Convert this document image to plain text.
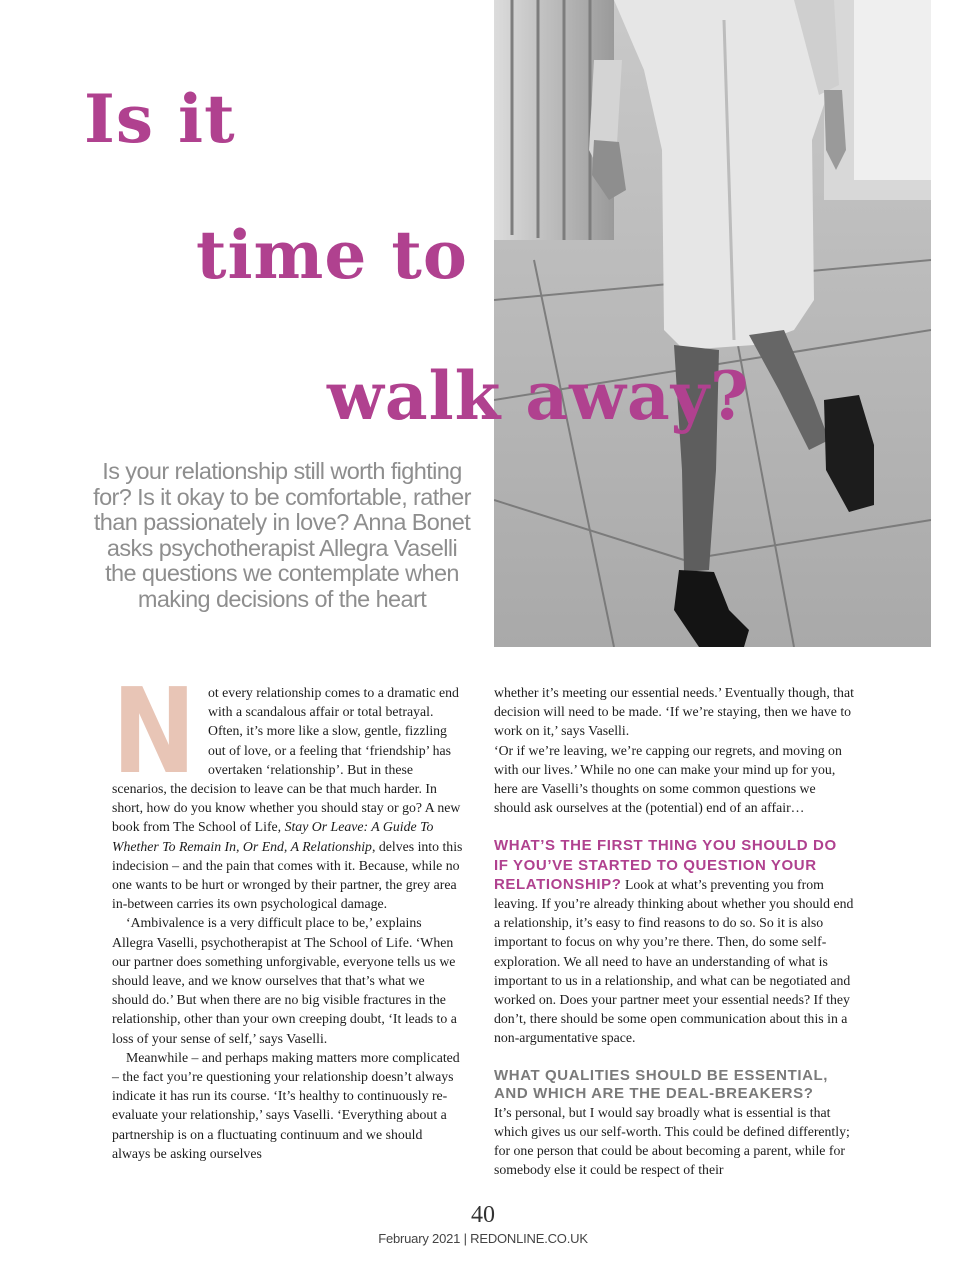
Is it
time to
walk away?

Is your relationship still worth fighting for? Is it okay to be comfortable, rather than passionately in love? Anna Bonet asks psychotherapist Allegra Vaselli the questions we contemplate when making decisions of the heart

N ot every relationship comes to a dramatic end with a scandalous affair or total betrayal. Often, it’s more like a slow, gentle, fizzling out of love, or a feeling that ‘friendship’ has overtaken ‘relationship’. But in these scenarios, the decision to leave can be that much harder. In short, how do you know whether you should stay or go? A new book from The School of Life, Stay Or Leave: A Guide To Whether To Remain In, Or End, A Relationship, delves into this indecision – and the pain that comes with it. Because, while no one wants to be hurt or wronged by their partner, the grey area in-between carries its own psychological damage.

‘Ambivalence is a very difficult place to be,’ explains Allegra Vaselli, psychotherapist at The School of Life. ‘When our partner does something unforgivable, everyone tells us we should leave, and we know ourselves that that’s what we should do.’ But when there are no big visible fractures in the relationship, other than your own creeping doubt, ‘It leads to a loss of your sense of self,’ says Vaselli.

Meanwhile – and perhaps making matters more complicated – the fact you’re questioning your relationship doesn’t always indicate it has run its course. ‘It’s healthy to continuously re-evaluate your relationship,’ says Vaselli. ‘Everything about a partnership is on a fluctuating continuum and we should always be asking ourselves

whether it’s meeting our essential needs.’ Eventually though, that decision will need to be made. ‘If we’re staying, then we have to work on it,’ says Vaselli.

‘Or if we’re leaving, we’re capping our regrets, and moving on with our lives.’ While no one can make your mind up for you, here are Vaselli’s thoughts on some common questions we should ask ourselves at the (potential) end of an affair…

WHAT’S THE FIRST THING YOU SHOULD DO IF YOU’VE STARTED TO QUESTION YOUR RELATIONSHIP? Look at what’s preventing you from leaving. If you’re already thinking about whether you should end a relationship, it’s easy to find reasons to do so. So it is also important to focus on why you’re there. Then, do some self-exploration. We all need to have an understanding of what is important to us in a relationship, and what can be negotiated and worked on. Does your partner meet your essential needs? If they don’t, there should be some open communication about this in a non-argumentative space.

WHAT QUALITIES SHOULD BE ESSENTIAL, AND WHICH ARE THE DEAL-BREAKERS?
It’s personal, but I would say broadly what is essential is that which gives us our self-worth. This could be defined differently; for one person that could be about becoming a parent, while for somebody else it could be respect of their

40

February 2021 | REDONLINE.CO.UK
